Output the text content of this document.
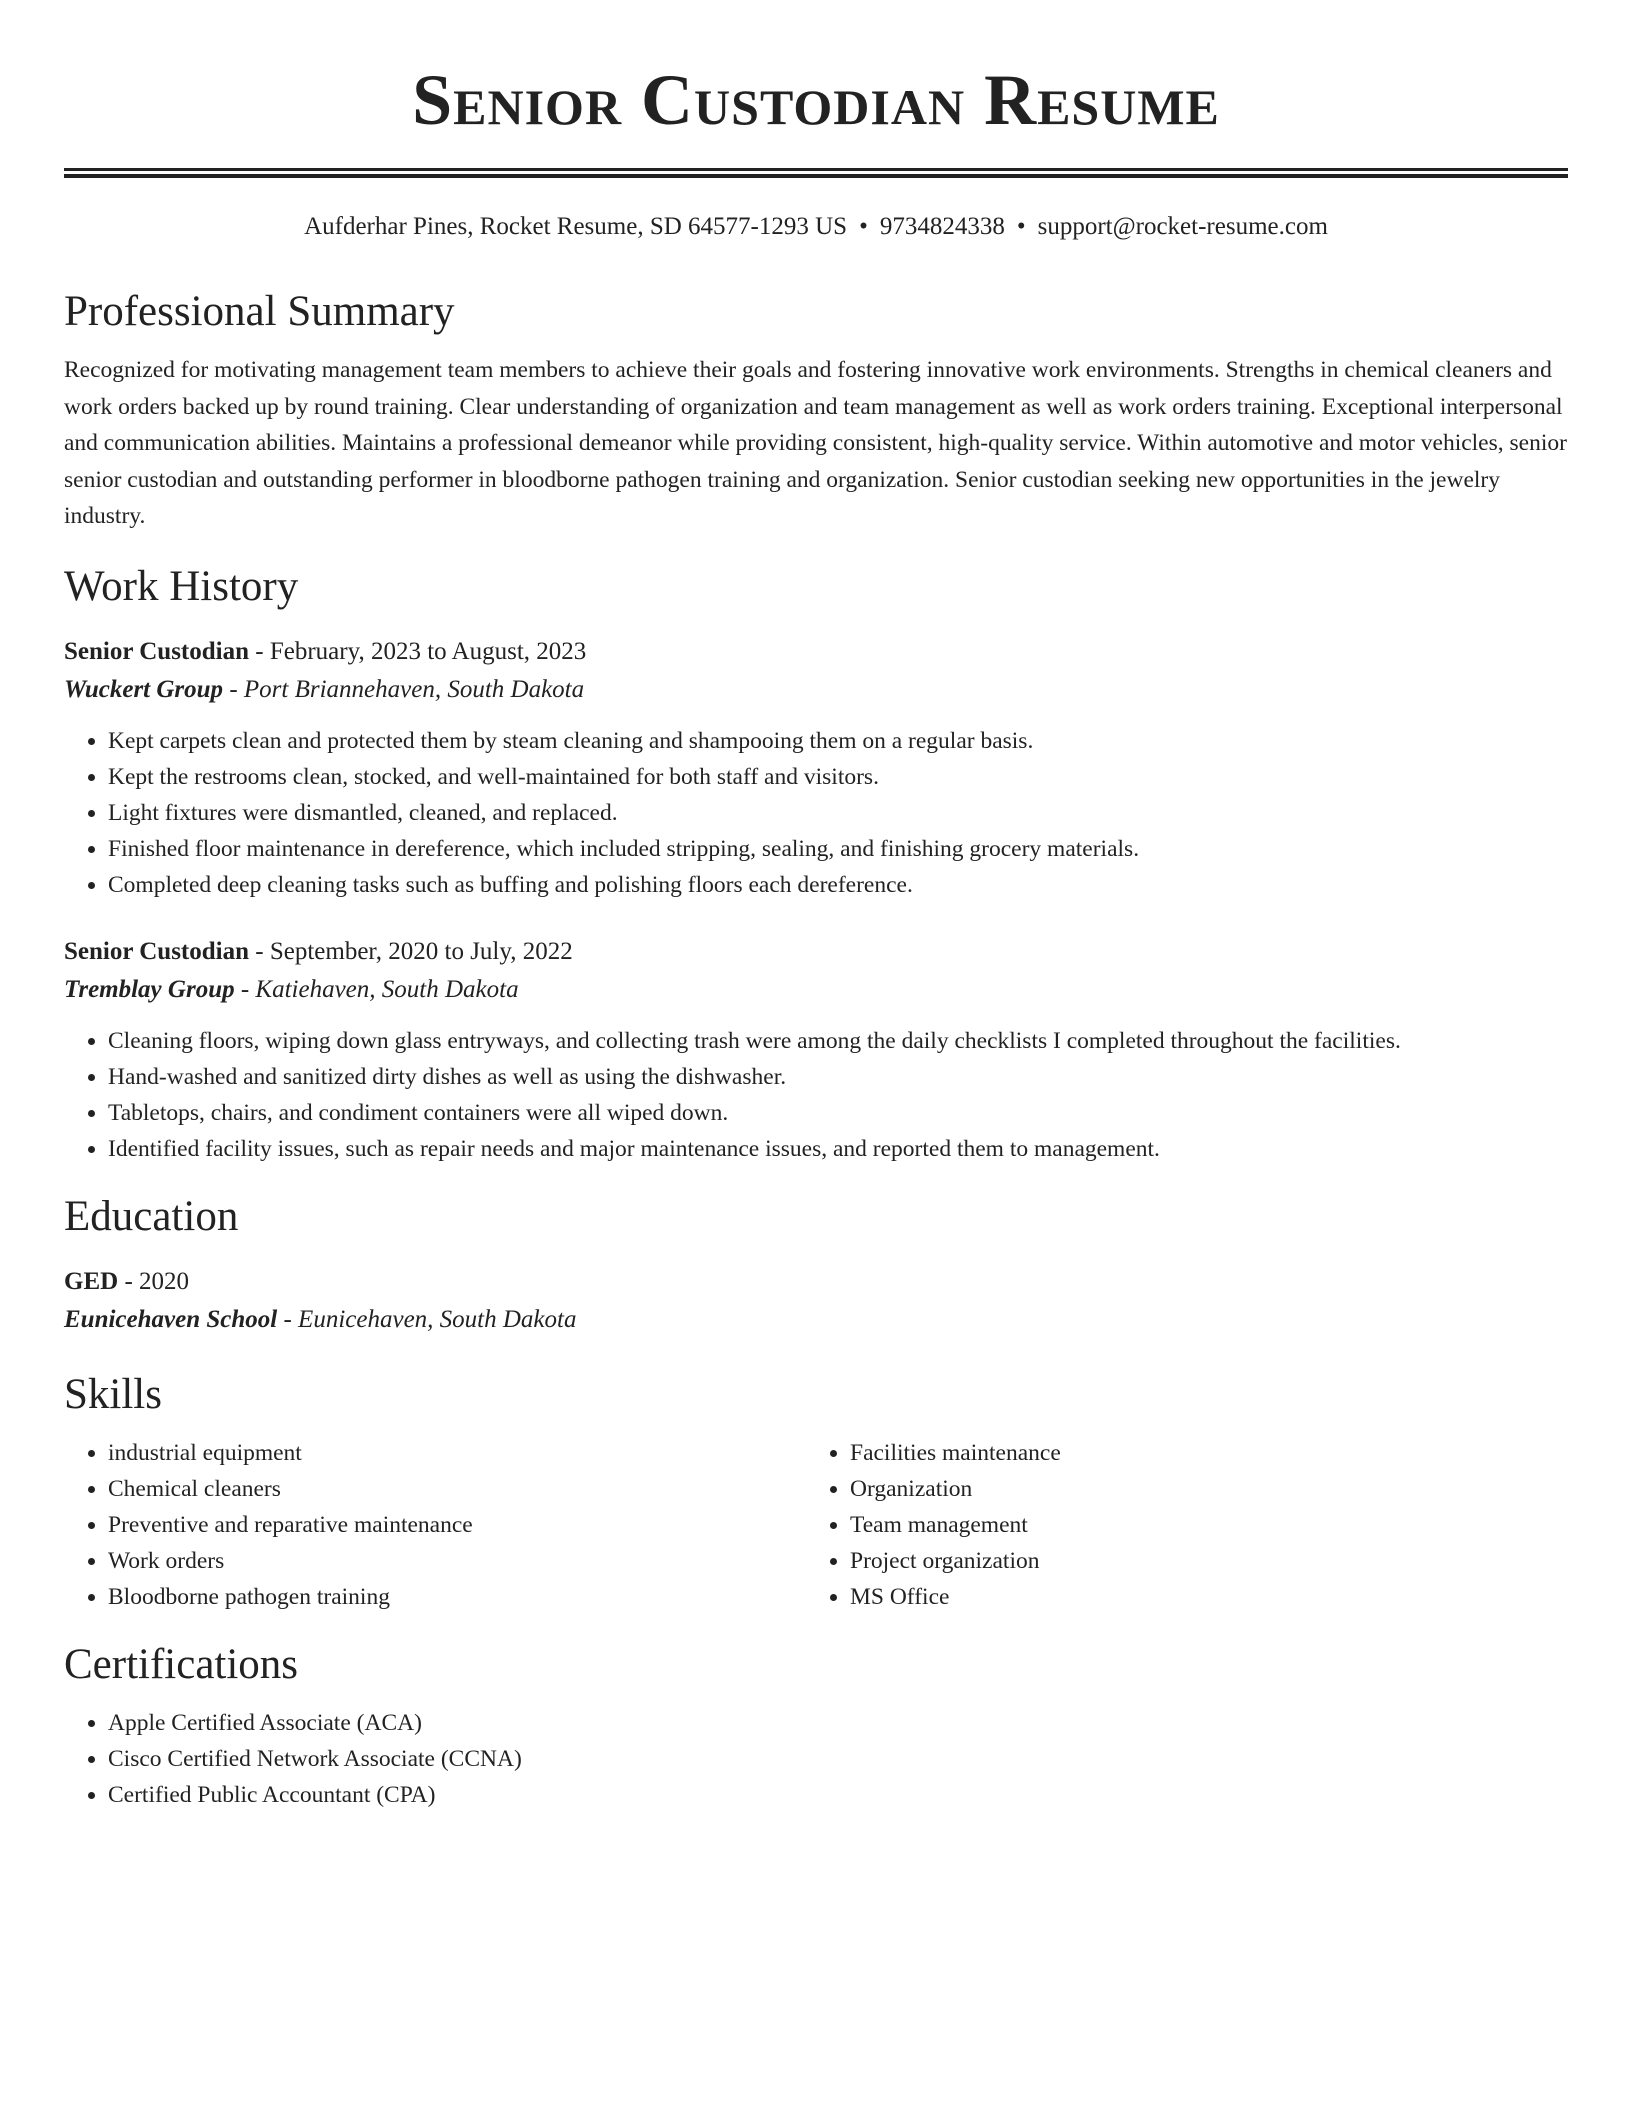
Senior Custodian Resume
Aufderhar Pines, Rocket Resume, SD 64577-1293 US • 9734824338 • support@rocket-resume.com
Professional Summary

Recognized for motivating management team members to achieve their goals and fostering innovative work environments. Strengths in chemical cleaners and work orders backed up by round training. Clear understanding of organization and team management as well as work orders training. Exceptional interpersonal and communication abilities. Maintains a professional demeanor while providing consistent, high-quality service. Within automotive and motor vehicles, senior senior custodian and outstanding performer in bloodborne pathogen training and organization. Senior custodian seeking new opportunities in the jewelry industry.

Work History
Senior Custodian - February, 2023 to August, 2023
Wuckert Group - Port Briannehaven, South Dakota
• Kept carpets clean and protected them by steam cleaning and shampooing them on a regular basis.
• Kept the restrooms clean, stocked, and well-maintained for both staff and visitors.
• Light fixtures were dismantled, cleaned, and replaced.
• Finished floor maintenance in dereference, which included stripping, sealing, and finishing grocery materials.
• Completed deep cleaning tasks such as buffing and polishing floors each dereference.
Senior Custodian - September, 2020 to July, 2022
Tremblay Group - Katiehaven, South Dakota
• Cleaning floors, wiping down glass entryways, and collecting trash were among the daily checklists I completed throughout the facilities.
• Hand-washed and sanitized dirty dishes as well as using the dishwasher.
• Tabletops, chairs, and condiment containers were all wiped down.
• Identified facility issues, such as repair needs and major maintenance issues, and reported them to management.
Education
GED - 2020
Eunicehaven School - Eunicehaven, South Dakota
Skills
• industrial equipment
• Chemical cleaners
• Preventive and reparative maintenance
• Work orders
• Bloodborne pathogen training
• Facilities maintenance
• Organization
• Team management
• Project organization
• MS Office
Certifications
• Apple Certified Associate (ACA)
• Cisco Certified Network Associate (CCNA)
• Certified Public Accountant (CPA)
